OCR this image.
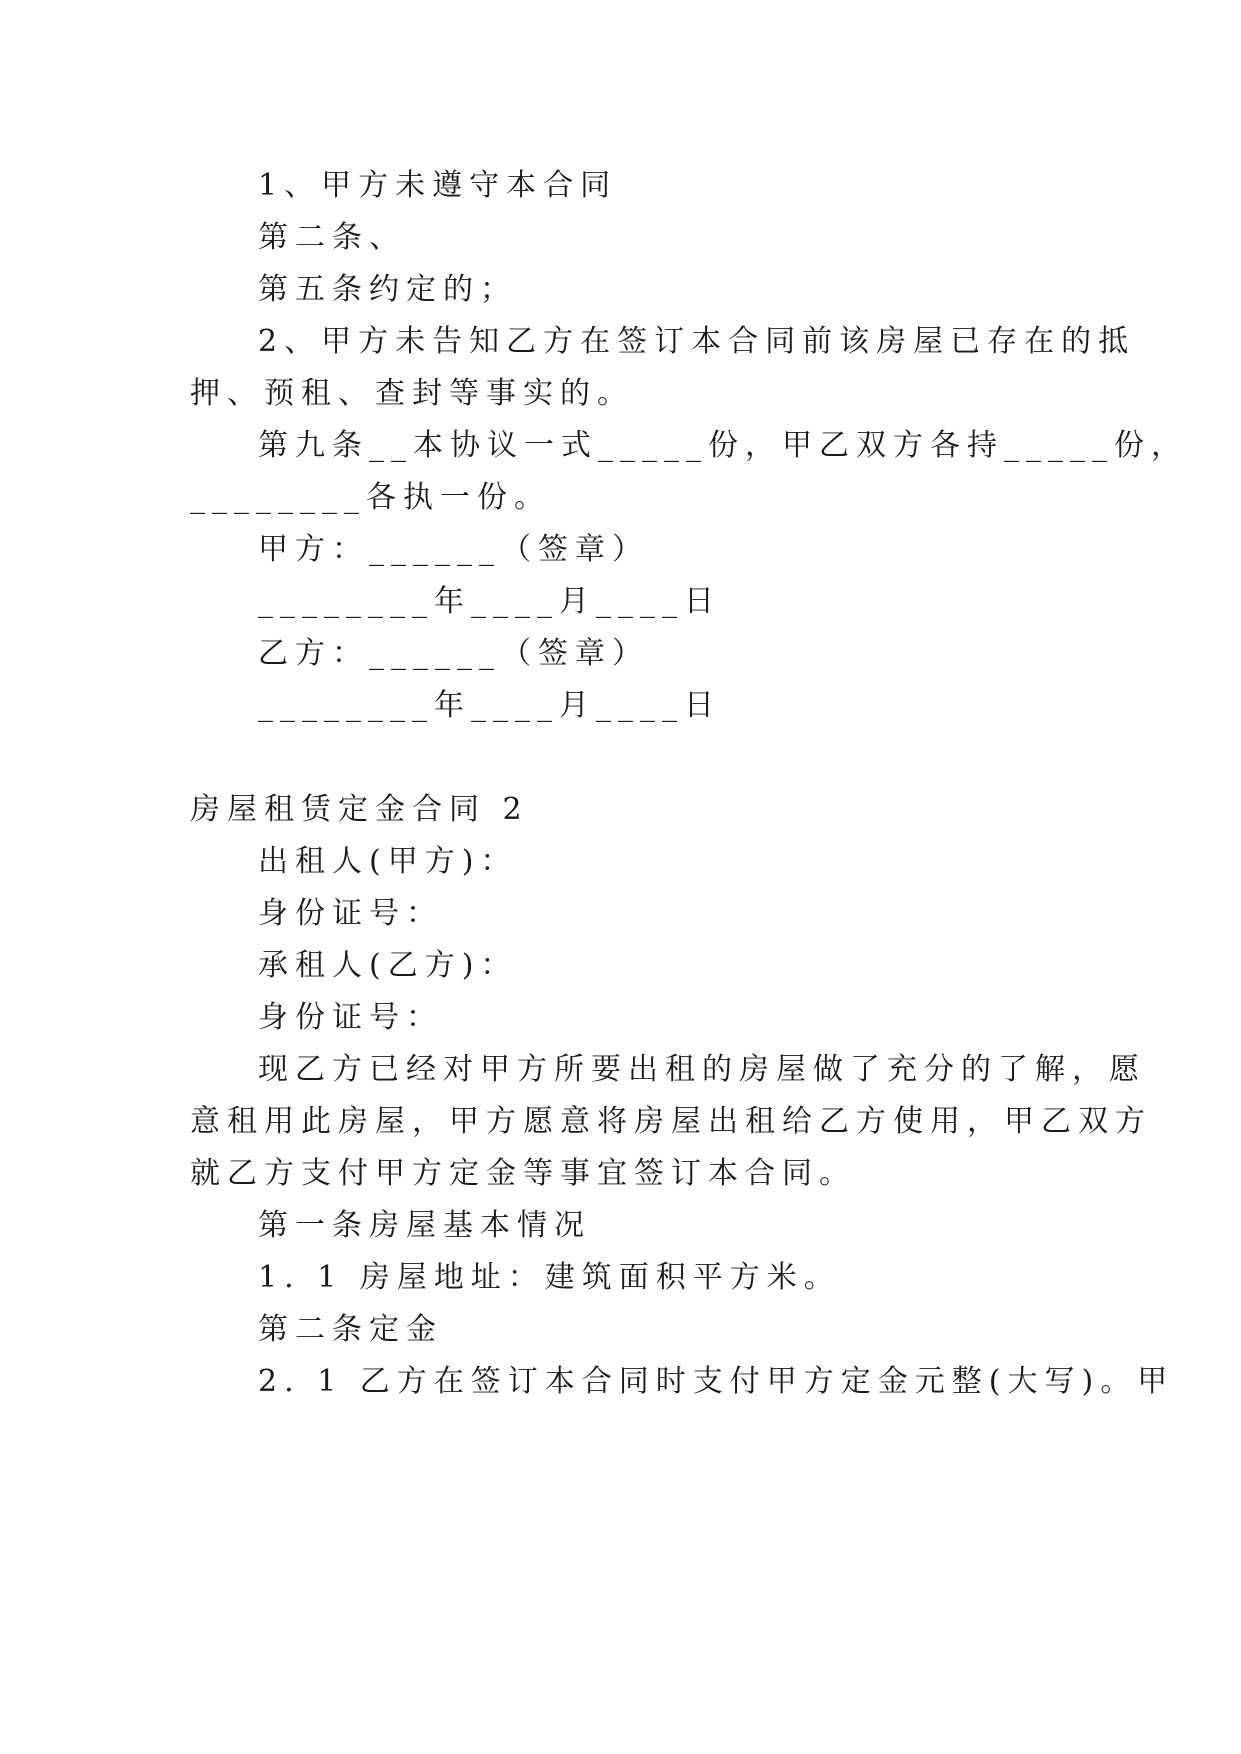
1、甲方未遵守本合同
第二条、
第五条约定的；
2、甲方未告知乙方在签订本合同前该房屋已存在的抵
押、预租、查封等事实的。
第九条__本协议一式_____份，甲乙双方各持_____份，
________各执一份。
甲方：______（签章）
________年____月____日
乙方：______（签章）
________年____月____日
房屋租赁定金合同 2
出租人(甲方)：
身份证号：
承租人(乙方)：
身份证号：
现乙方已经对甲方所要出租的房屋做了充分的了解，愿
意租用此房屋，甲方愿意将房屋出租给乙方使用，甲乙双方
就乙方支付甲方定金等事宜签订本合同。
第一条房屋基本情况
1. 1 房屋地址：建筑面积平方米。
第二条定金
2. 1 乙方在签订本合同时支付甲方定金元整(大写)。甲
